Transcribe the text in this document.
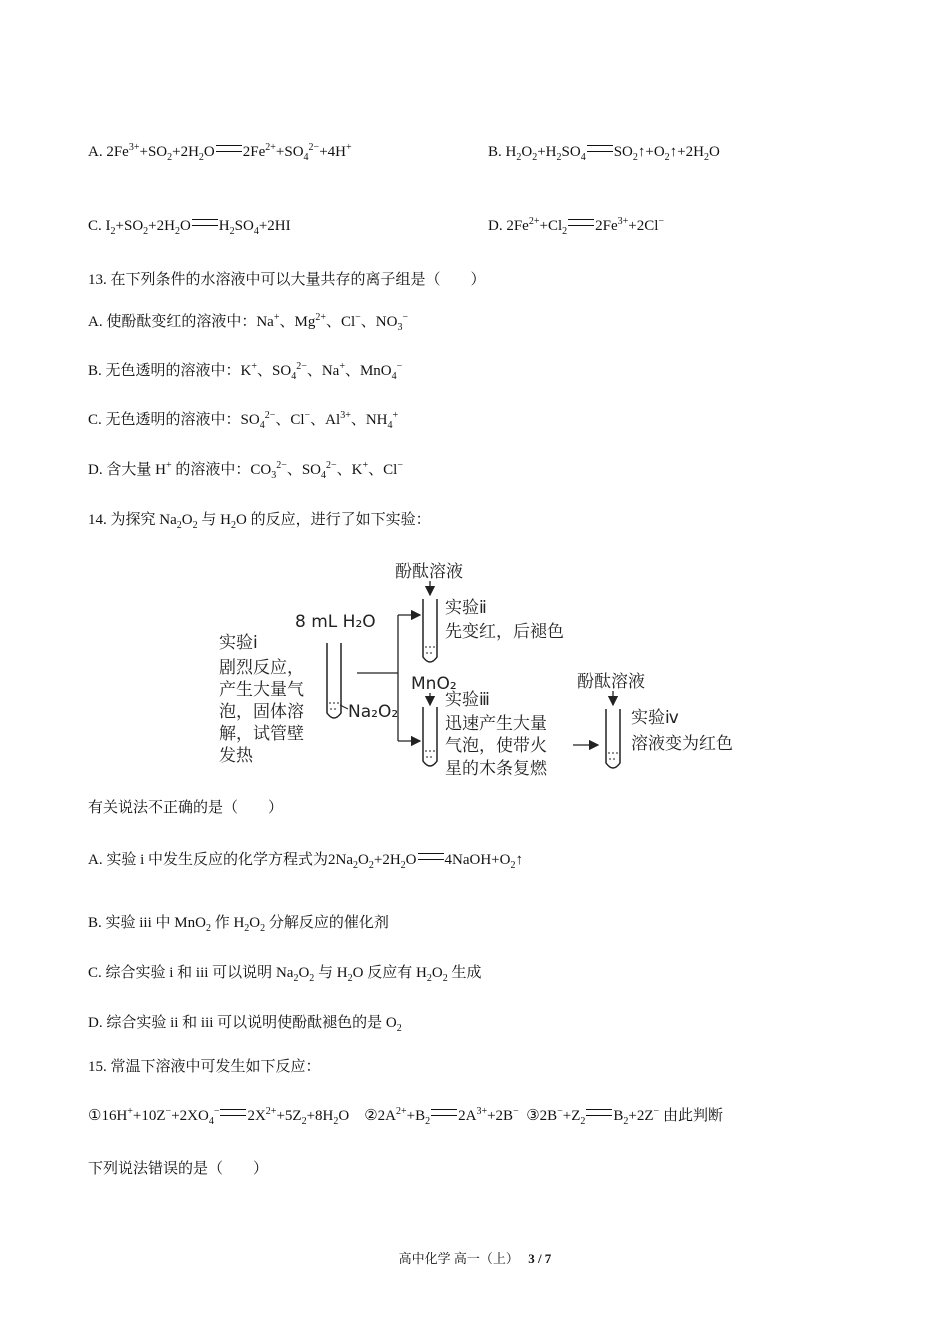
A. $2Fe^{3+}+SO_2+2H_2O$ $2Fe^{2+}+SO_4^{2-}+4H^+$	B. $H_2O_2+H_2SO_4$ $SO_2↑+O_2↑+2H_2O$
C. $I_2+SO_2+2H_2O$ $H_2SO_4+2HI$	D. $2Fe^{2+}+Cl_2$ $2Fe^{3+}+2Cl^-$
13. 在下列条件的水溶液中可以大量共存的离子组是（　　）
A. 使酚酞变红的溶液中：Na+、$Mg^{2+}$、Cl−、$NO_3^-$
B. 无色透明的溶液中：K+、$SO_4^{2-}$、Na+、MnO$_4$−
C. 无色透明的溶液中：$SO_4^{2-}$、Cl−、$Al^{3+}$、$NH_4^+$
D. 含大量 H+ 的溶液中：$CO_3^{2-}$、$SO_4^{2-}$、K+、Cl−
14. 为探究 $Na_2O_2$ 与 $H_2O$ 的反应，进行了如下实验：
8 mL H₂O
实验ⅰ
剧烈反应，
产生大量气
泡，固体溶
解，试管壁
发热
Na₂O₂
酚酞溶液
实验ⅱ
先变红，后褪色
MnO₂
实验ⅲ
迅速产生大量
气泡，使带火
星的木条复燃
酚酞溶液
实验ⅳ
溶液变为红色
有关说法不正确的是（　　）
A. 实验 i 中发生反应的化学方程式为$2Na_2O_2+2H_2O$ $4NaOH+O_2↑$
B. 实验 iii 中 MnO$_2$ 作 $H_2O_2$ 分解反应的催化剂
C. 综合实验 i 和 iii 可以说明 $Na_2O_2$ 与 $H_2O$ 反应有 $H_2O_2$ 生成
D. 综合实验 ii 和 iii 可以说明使酚酞褪色的是 $O_2$
15. 常温下溶液中可发生如下反应：
$①16H^++10Z^-+2XO_4^-$ $2X^{2+}+5Z_2+8H_2O$    $②2A^{2+}+B_2$ $2A^{3+}+2B^-$  $③2B^-+Z_2$ $B_2+2Z^-$ 由此判断
下列说法错误的是（　　）
高中化学 高一（上） 3 / 7
